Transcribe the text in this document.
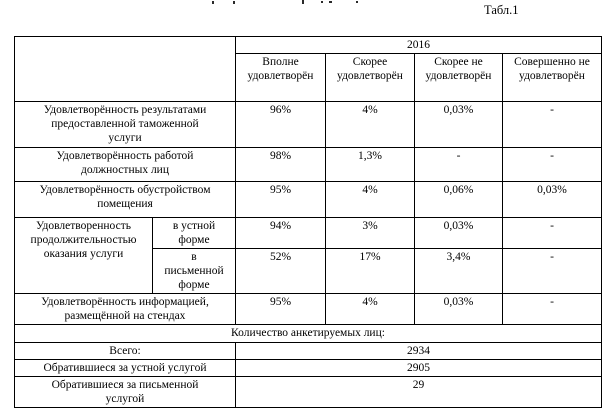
Табл.1
		2016			
		Вполне удовлетворён	Скорее удовлетворён	Скорее не удовлетворён	Совершенно не удовлетворён
Удовлетворённость результатами предоставленной таможенной услуги		96%	4%	0,03%	-
Удовлетворённость работой должностных лиц		98%	1,3%	-	-
Удовлетворённость обустройством помещения		95%	4%	0,06%	0,03%
Удовлетворенность продолжительностью оказания услуги	в устной форме	94%	3%	0,03%	-
	в письменной форме	52%	17%	3,4%	-
Удовлетворённость информацией, размещённой на стендах		95%	4%	0,03%	-
Количество анкетируемых лиц:					
Всего:		2934			
Обратившиеся за устной услугой		2905			
Обратившиеся за письменной услугой		29			
